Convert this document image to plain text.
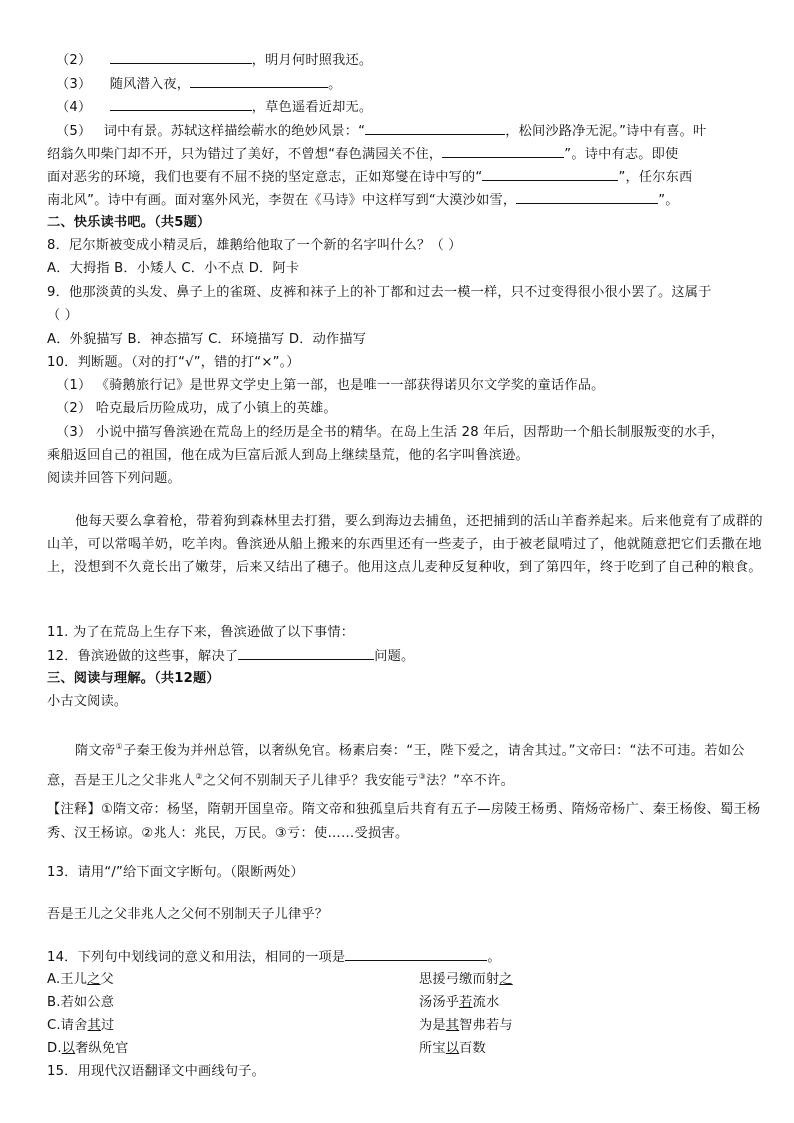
（2）	，明月何时照我还。
（3） 随风潜入夜，	。
（4）	，草色遥看近却无。
（5） 词中有景。苏轼这样描绘蕲水的绝妙风景：“	，松间沙路净无泥。”诗中有喜。叶
绍翁久叩柴门却不开，只为错过了美好，不曾想“春色满园关不住，	”。诗中有志。即使
面对恶劣的环境，我们也要有不屈不挠的坚定意志，正如郑燮在诗中写的“	”，任尔东西
南北风”。诗中有画。面对塞外风光，李贺在《马诗》中这样写到“大漠沙如雪，	”。
二、快乐读书吧。（共5题）
8．尼尔斯被变成小精灵后，雄鹅给他取了一个新的名字叫什么？（ ）
A．大拇指 B．小矮人 C．小不点 D．阿卡
9．他那淡黄的头发、鼻子上的雀斑、皮裤和袜子上的补丁都和过去一模一样，只不过变得很小很小罢了。这属于
（ ）
A．外貌描写 B．神态描写 C．环境描写 D．动作描写
10．判断题。（对的打“√”，错的打“×”。）
（1） 《骑鹅旅行记》是世界文学史上第一部，也是唯一一部获得诺贝尔文学奖的童话作品。
（2） 哈克最后历险成功，成了小镇上的英雄。
（3） 小说中描写鲁滨逊在荒岛上的经历是全书的精华。在岛上生活 28 年后，因帮助一个船长制服叛变的水手，
乘船返回自己的祖国，他在成为巨富后派人到岛上继续垦荒，他的名字叫鲁滨逊。
阅读并回答下列问题。
他每天要么拿着枪，带着狗到森林里去打猎，要么到海边去捕鱼，还把捕到的活山羊畜养起来。后来他竟有了成群的山羊，可以常喝羊奶，吃羊肉。鲁滨逊从船上搬来的东西里还有一些麦子，由于被老鼠啃过了，他就随意把它们丢撒在地上，没想到不久竟长出了嫩芽，后来又结出了穗子。他用这点儿麦种反复种收，到了第四年，终于吃到了自己种的粮食。
11. 为了在荒岛上生存下来，鲁滨逊做了以下事情：
12．鲁滨逊做的这些事，解决了	问题。
三、阅读与理解。（共12题）
小古文阅读。
隋文帝①子秦王俊为并州总管，以奢纵免官。杨素启奏：“王，陛下爱之，请舍其过。”文帝曰：“法不可违。若如公意，吾是王儿之父非兆人②之父何不别制天子儿律乎？我安能亏③法？”卒不许。
【注释】①隋文帝：杨坚，隋朝开国皇帝。隋文帝和独孤皇后共育有五子—房陵王杨勇、隋炀帝杨广、秦王杨俊、蜀王杨秀、汉王杨谅。②兆人：兆民，万民。③亏：使……受损害。
13．请用“/”给下面文字断句。（限断两处）
吾是王儿之父非兆人之父何不别制天子儿律乎？
14．下列句中划线词的意义和用法，相同的一项是	。
A.王儿之父	思援弓缴而射之
B.若如公意	汤汤乎若流水
C.请舍其过	为是其智弗若与
D.以奢纵免官	所宝以百数
15．用现代汉语翻译文中画线句子。
